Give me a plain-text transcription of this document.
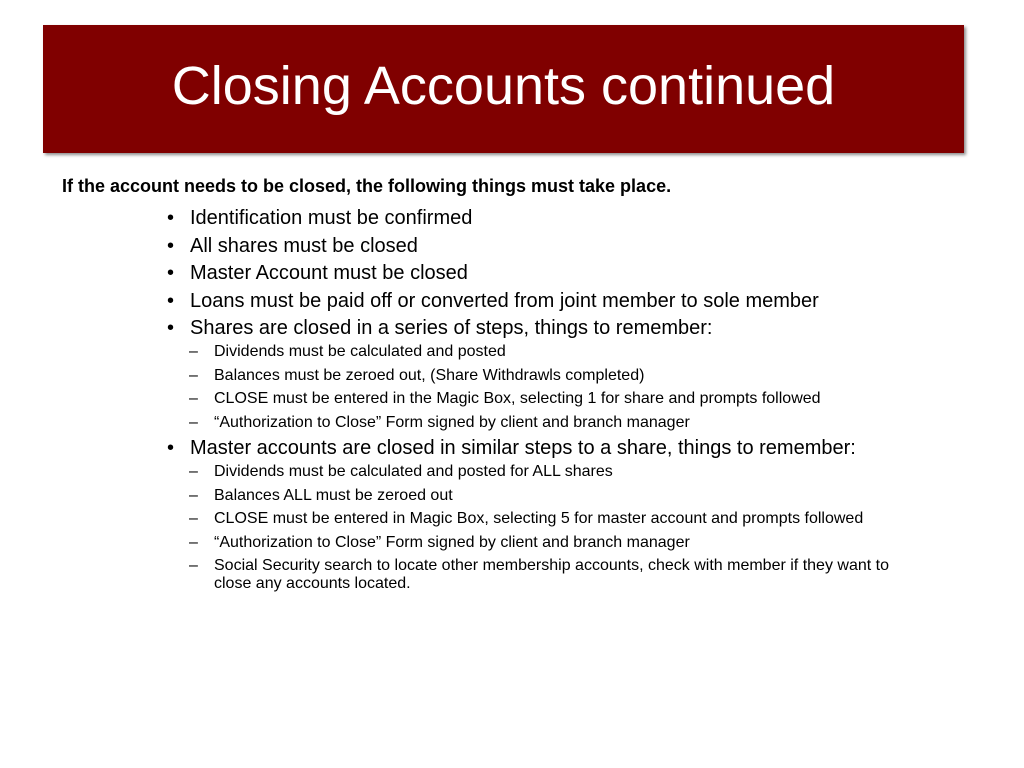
Closing Accounts continued

If the account needs to be closed, the following things must take place.

• Identification must be confirmed
• All shares must be closed
• Master Account must be closed
• Loans must be paid off or converted from joint member to sole member
• Shares are closed in a series of steps, things to remember:
– Dividends must be calculated and posted
– Balances must be zeroed out, (Share Withdrawls completed)
– CLOSE must be entered in the Magic Box, selecting 1 for share and prompts followed
– “Authorization to Close” Form signed by client and branch manager
• Master accounts are closed in similar steps to a share, things to remember:
– Dividends must be calculated and posted for ALL shares
– Balances ALL must be zeroed out
– CLOSE must be entered in Magic Box, selecting 5 for master account and prompts followed
– “Authorization to Close” Form signed by client and branch manager
– Social Security search to locate other membership accounts, check with member if they want to close any accounts located.
